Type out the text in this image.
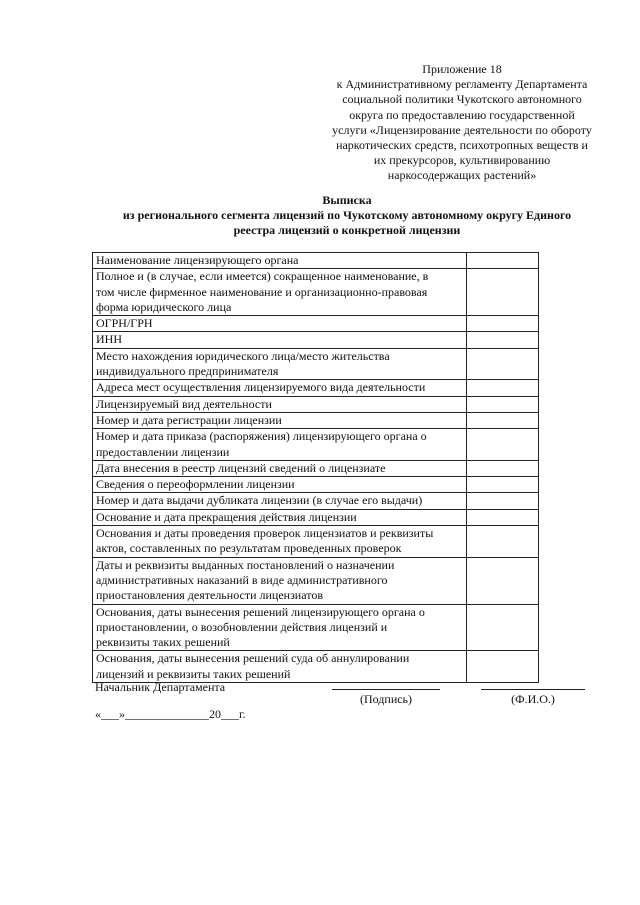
Приложение 18
к Административному регламенту Департамента
социальной политики Чукотского автономного
округа по предоставлению государственной
услуги «Лицензирование деятельности по обороту
наркотических средств, психотропных веществ и
их прекурсоров, культивированию
наркосодержащих растений»
Выписка
из регионального сегмента лицензий по Чукотскому автономному округу Единого
реестра лицензий о конкретной лицензии
Наименование лицензирующего органа	

Полное и (в случае, если имеется) сокращенное наименование, в
том числе фирменное наименование и организационно-правовая
форма юридического лица	

ОГРН/ГРН	

ИНН	

Место нахождения юридического лица/место жительства
индивидуального предпринимателя	

Адреса мест осуществления лицензируемого вида деятельности	

Лицензируемый вид деятельности	

Номер и дата регистрации лицензии	

Номер и дата приказа (распоряжения) лицензирующего органа о
предоставлении лицензии	

Дата внесения в реестр лицензий сведений о лицензиате	

Сведения о переоформлении лицензии	

Номер и дата выдачи дубликата лицензии (в случае его выдачи)	

Основание и дата прекращения действия лицензии	

Основания и даты проведения проверок лицензиатов и реквизиты
актов, составленных по результатам проведенных проверок	

Даты и реквизиты выданных постановлений о назначении
административных наказаний в виде административного
приостановления деятельности лицензиатов	

Основания, даты вынесения решений лицензирующего органа о
приостановлении, о возобновлении действия лицензий и
реквизиты таких решений	

Основания, даты вынесения решений суда об аннулировании
лицензий и реквизиты таких решений	

Начальник Департамента
(Подпись)	(Ф.И.О.)
«___»______________20___г.
